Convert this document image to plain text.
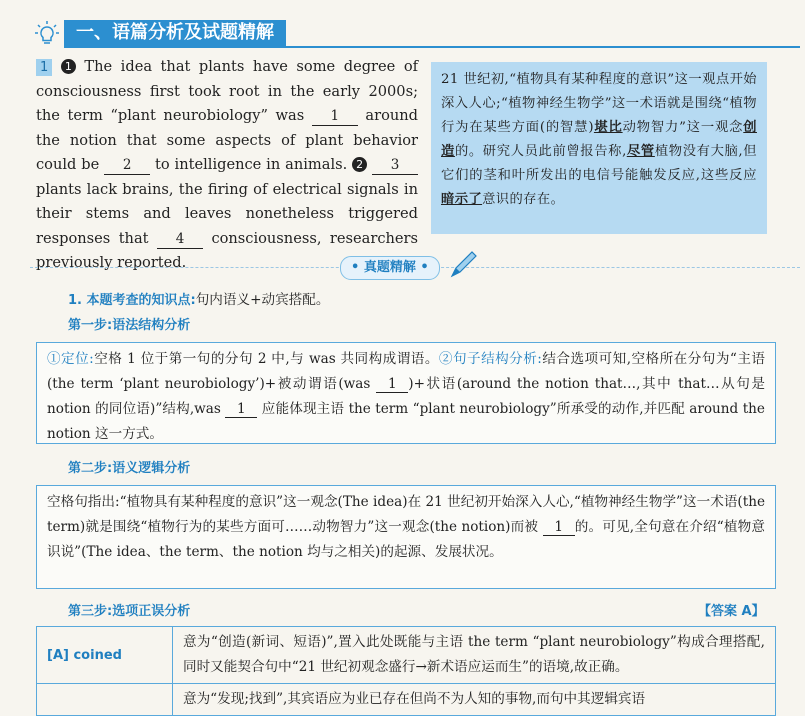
一、语篇分析及试题精解
1 1 The idea that plants have some degree of consciousness first took root in the early 2000s; the term “plant neurobiology” was 1 around the notion that some aspects of plant behavior could be 2 to intelligence in animals. 2 3 plants lack brains, the firing of electrical signals in their stems and leaves nonetheless triggered responses that 4 consciousness, researchers previously reported.
21 世纪初,“植物具有某种程度的意识”这一观点开始深入人心;“植物神经生物学”这一术语就是围绕“植物行为在某些方面(的智慧)堪比动物智力”这一观念创造的。研究人员此前曾报告称,尽管植物没有大脑,但它们的茎和叶所发出的电信号能触发反应,这些反应暗示了意识的存在。
• 真题精解 •
1. 本题考查的知识点:句内语义+动宾搭配。
第一步:语法结构分析
①定位:空格 1 位于第一句的分句 2 中,与 was 共同构成谓语。②句子结构分析:结合选项可知,空格所在分句为“主语(the term ‘plant neurobiology’)+被动谓语(was 1 )+状语(around the notion that…,其中 that…从句是 notion 的同位语)”结构,was 1 应能体现主语 the term “plant neurobiology”所承受的动作,并匹配 around the notion 这一方式。
第二步:语义逻辑分析
空格句指出:“植物具有某种程度的意识”这一观念(The idea)在 21 世纪初开始深入人心,“植物神经生物学”这一术语(the term)就是围绕“植物行为的某些方面可……动物智力”这一观念(the notion)而被 1 的。可见,全句意在介绍“植物意识说”(The idea、the term、the notion 均与之相关)的起源、发展状况。
第三步:选项正误分析	【答案 A】
[A] coined	意为“创造(新词、短语)”,置入此处既能与主语 the term “plant neurobiology”构成合理搭配,同时又能契合句中“21 世纪初观念盛行→新术语应运而生”的语境,故正确。
	意为“发现;找到”,其宾语应为业已存在但尚不为人知的事物,而句中其逻辑宾语
